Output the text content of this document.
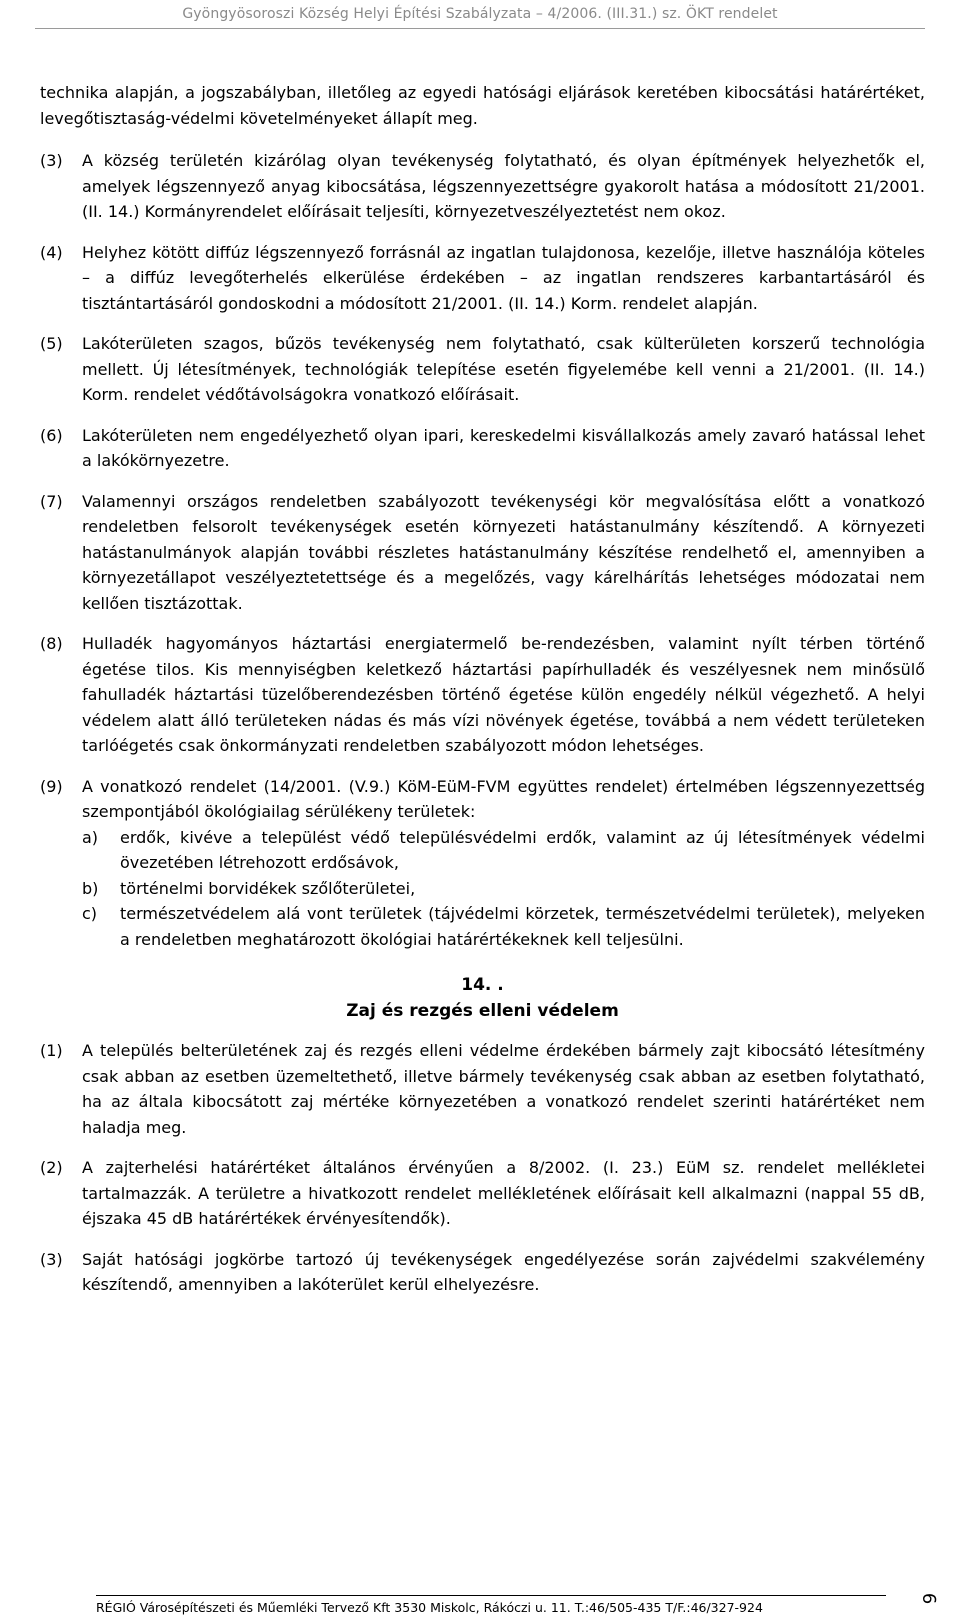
Gyöngyösoroszi Község Helyi Építési Szabályzata – 4/2006. (III.31.) sz. ÖKT rendelet
technika alapján, a jogszabályban, illetőleg az egyedi hatósági eljárások keretében kibocsátási határértéket, levegőtisztaság-védelmi követelményeket állapít meg.
(3)	A község területén kizárólag olyan tevékenység folytatható, és olyan építmények helyezhetők el, amelyek légszennyező anyag kibocsátása, légszennyezettségre gyakorolt hatása a módosított 21/2001. (II. 14.) Kormányrendelet előírásait teljesíti, környezetveszélyeztetést nem okoz.
(4)	Helyhez kötött diffúz légszennyező forrásnál az ingatlan tulajdonosa, kezelője, illetve használója köteles – a diffúz levegőterhelés elkerülése érdekében – az ingatlan rendszeres karbantartásáról és tisztántartásáról gondoskodni a módosított 21/2001. (II. 14.) Korm. rendelet alapján.
(5)	Lakóterületen szagos, bűzös tevékenység nem folytatható, csak külterületen korszerű technológia mellett. Új létesítmények, technológiák telepítése esetén figyelemébe kell venni a 21/2001. (II. 14.) Korm. rendelet védőtávolságokra vonatkozó előírásait.
(6)	Lakóterületen nem engedélyezhető olyan ipari, kereskedelmi kisvállalkozás amely zavaró hatással lehet a lakókörnyezetre.
(7)	Valamennyi országos rendeletben szabályozott tevékenységi kör megvalósítása előtt a vonatkozó rendeletben felsorolt tevékenységek esetén környezeti hatástanulmány készítendő. A környezeti hatástanulmányok alapján további részletes hatástanulmány készítése rendelhető el, amennyiben a környezetállapot veszélyeztetettsége és a megelőzés, vagy kárelhárítás lehetséges módozatai nem kellően tisztázottak.
(8)	Hulladék hagyományos háztartási energiatermelő be-rendezésben, valamint nyílt térben történő égetése tilos. Kis mennyiségben keletkező háztartási papírhulladék és veszélyesnek nem minősülő fahulladék háztartási tüzelőberendezésben történő égetése külön engedély nélkül végezhető. A helyi védelem alatt álló területeken nádas és más vízi növények égetése, továbbá a nem védett területeken tarlóégetés csak önkormányzati rendeletben szabályozott módon lehetséges.
(9)	A vonatkozó rendelet (14/2001. (V.9.) KöM-EüM-FVM együttes rendelet) értelmében légszennyezettség szempontjából ökológiailag sérülékeny területek:
a)	erdők, kivéve a települést védő településvédelmi erdők, valamint az új létesítmények védelmi övezetében létrehozott erdősávok,
b)	történelmi borvidékek szőlőterületei,
c)	természetvédelem alá vont területek (tájvédelmi körzetek, természetvédelmi területek), melyeken a rendeletben meghatározott ökológiai határértékeknek kell teljesülni.
14. .
Zaj és rezgés elleni védelem
(1)	A település belterületének zaj és rezgés elleni védelme érdekében bármely zajt kibocsátó létesítmény csak abban az esetben üzemeltethető, illetve bármely tevékenység csak abban az esetben folytatható, ha az általa kibocsátott zaj mértéke környezetében a vonatkozó rendelet szerinti határértéket nem haladja meg.
(2)	A zajterhelési határértéket általános érvényűen a 8/2002. (I. 23.) EüM sz. rendelet mellékletei tartalmazzák. A területre a hivatkozott rendelet mellékletének előírásait kell alkalmazni (nappal 55 dB, éjszaka 45 dB határértékek érvényesítendők).
(3)	Saját hatósági jogkörbe tartozó új tevékenységek engedélyezése során zajvédelmi szakvélemény készítendő, amennyiben a lakóterület kerül elhelyezésre.
RÉGIÓ Városépítészeti és Műemléki Tervező Kft 3530 Miskolc, Rákóczi u. 11. T.:46/505-435 T/F.:46/327-924
9
